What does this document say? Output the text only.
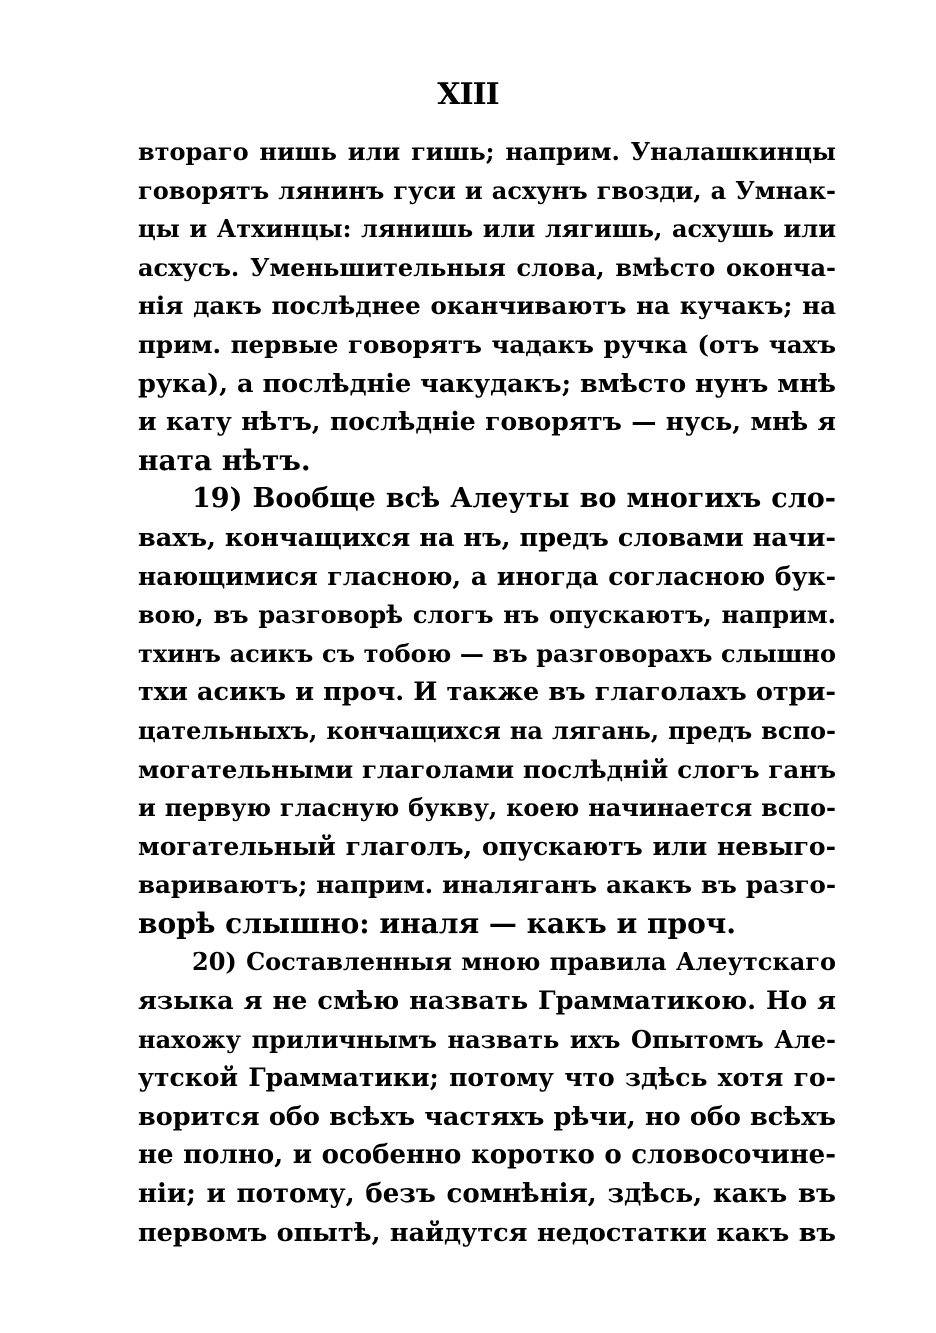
XIII
втораго нишь или гишь; наприм. Уналашкинцы
говорятъ лянинъ гуси и асхунъ гвозди, а Умнак-
цы и Атхинцы: лянишь или лягишь, асхушь или
асхусъ. Уменьшительныя слова, вмѣсто оконча-
нія дакъ послѣднее оканчиваютъ на кучакъ; на
прим. первые говорятъ чадакъ ручка (отъ чахъ
рука), а послѣдніе чакудакъ; вмѣсто нунъ мнѣ
и кату нѣтъ, послѣдніе говорятъ — нусь, мнѣ я
ната нѣтъ.
19) Вообще всѣ Алеуты во многихъ сло-
вахъ, кончащихся на нъ, предъ словами начи-
нающимися гласною, а иногда согласною бук-
вою, въ разговорѣ слогъ нъ опускаютъ, наприм.
тхинъ асикъ съ тобою — въ разговорахъ слышно
тхи асикъ и проч. И также въ глаголахъ отри-
цательныхъ, кончащихся на лягань, предъ вспо-
могательными глаголами послѣдній слогъ ганъ
и первую гласную букву, коею начинается вспо-
могательный глаголъ, опускаютъ или невыго-
вариваютъ; наприм. иналяганъ акакъ въ разго-
ворѣ слышно: иналя — какъ и проч.
20) Составленныя мною правила Алеутскаго
языка я не смѣю назвать Грамматикою. Но я
нахожу приличнымъ назвать ихъ Опытомъ Але-
утской Грамматики; потому что здѣсь хотя го-
ворится обо всѣхъ частяхъ рѣчи, но обо всѣхъ
не полно, и особенно коротко о словосочине-
ніи; и потому, безъ сомнѣнія, здѣсь, какъ въ
первомъ опытѣ, найдутся недостатки какъ въ
